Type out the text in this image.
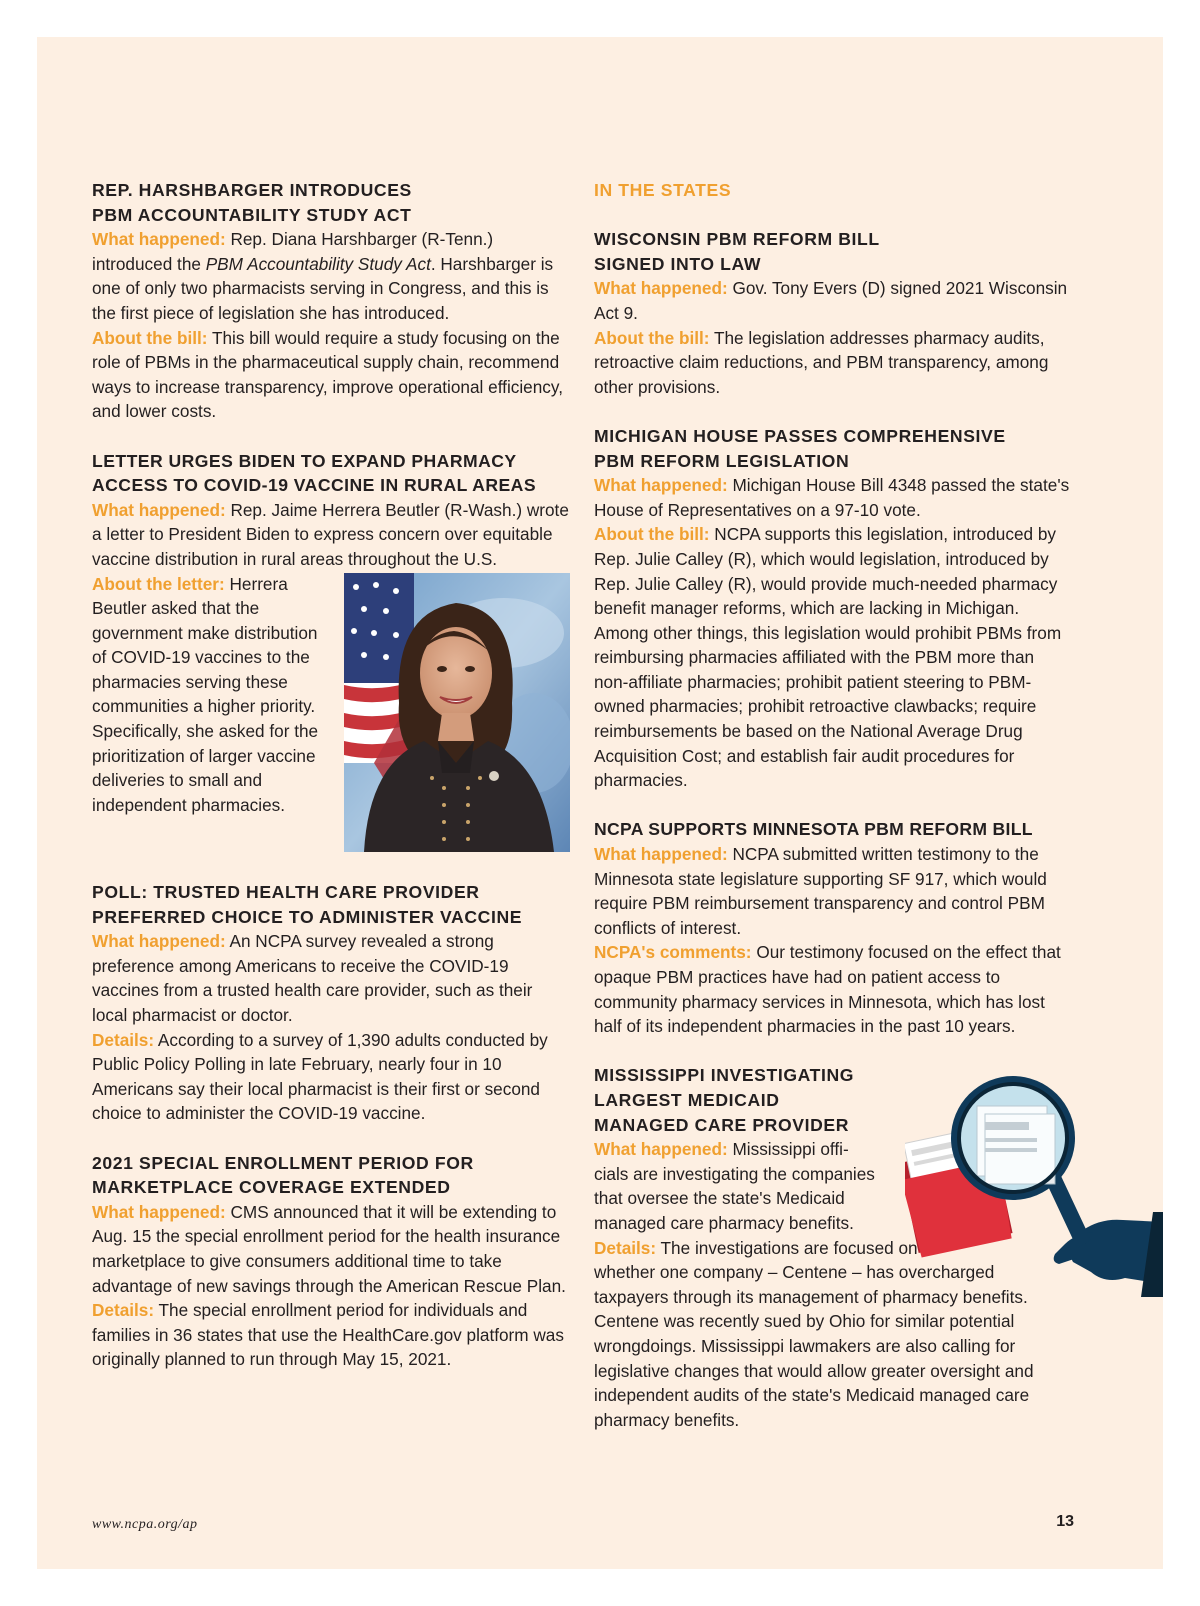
REP. HARSHBARGER INTRODUCES
PBM ACCOUNTABILITY STUDY ACT

What happened: Rep. Diana Harshbarger (R-Tenn.) introduced the PBM Accountability Study Act. Harshbarger is one of only two pharmacists serving in Congress, and this is the first piece of legislation she has introduced.

About the bill: This bill would require a study focusing on the role of PBMs in the pharmaceutical supply chain, recommend ways to increase transparency, improve operational efficiency, and lower costs.

LETTER URGES BIDEN TO EXPAND PHARMACY
ACCESS TO COVID-19 VACCINE IN RURAL AREAS

What happened: Rep. Jaime Herrera Beutler (R-Wash.) wrote a letter to President Biden to express concern over equitable vaccine distribution in rural areas throughout the U.S.

About the letter: Herrera Beutler asked that the government make distribution of COVID-19 vaccines to the pharmacies serving these communities a higher priority. Specifically, she asked for the prioritization of larger vaccine deliveries to small and independent pharmacies.

POLL: TRUSTED HEALTH CARE PROVIDER
PREFERRED CHOICE TO ADMINISTER VACCINE

What happened: An NCPA survey revealed a strong preference among Americans to receive the COVID-19 vaccines from a trusted health care provider, such as their local pharmacist or doctor.

Details: According to a survey of 1,390 adults conducted by Public Policy Polling in late February, nearly four in 10 Americans say their local pharmacist is their first or second choice to administer the COVID-19 vaccine.

2021 SPECIAL ENROLLMENT PERIOD FOR
MARKETPLACE COVERAGE EXTENDED

What happened: CMS announced that it will be extending to Aug. 15 the special enrollment period for the health insurance marketplace to give consumers additional time to take advantage of new savings through the American Rescue Plan.

Details: The special enrollment period for individuals and families in 36 states that use the HealthCare.gov platform was originally planned to run through May 15, 2021.

IN THE STATES
WISCONSIN PBM REFORM BILL
SIGNED INTO LAW

What happened: Gov. Tony Evers (D) signed 2021 Wisconsin Act 9.

About the bill: The legislation addresses pharmacy audits, retroactive claim reductions, and PBM transparency, among other provisions.

MICHIGAN HOUSE PASSES COMPREHENSIVE
PBM REFORM LEGISLATION

What happened: Michigan House Bill 4348 passed the state's House of Representatives on a 97-10 vote.

About the bill: NCPA supports this legislation, introduced by Rep. Julie Calley (R), which would legislation, introduced by Rep. Julie Calley (R), would provide much-needed pharmacy benefit manager reforms, which are lacking in Michigan. Among other things, this legislation would prohibit PBMs from reimbursing pharmacies affiliated with the PBM more than non-affiliate pharmacies; prohibit patient steering to PBM-owned pharmacies; prohibit retroactive clawbacks; require reimbursements be based on the National Average Drug Acquisition Cost; and establish fair audit procedures for pharmacies.

NCPA SUPPORTS MINNESOTA PBM REFORM BILL

What happened: NCPA submitted written testimony to the Minnesota state legislature supporting SF 917, which would require PBM reimbursement transparency and control PBM conflicts of interest.

NCPA's comments: Our testimony focused on the effect that opaque PBM practices have had on patient access to community pharmacy services in Minnesota, which has lost half of its independent pharmacies in the past 10 years.

MISSISSIPPI INVESTIGATING
LARGEST MEDICAID
MANAGED CARE PROVIDER
What happened: Mississippi offi-
cials are investigating the companies
that oversee the state's Medicaid
managed care pharmacy benefits.
Details: The investigations are focused on
whether one company – Centene – has overcharged taxpayers through its management of pharmacy benefits. Centene was recently sued by Ohio for similar potential wrongdoings. Mississippi lawmakers are also calling for legislative changes that would allow greater oversight and independent audits of the state's Medicaid managed care pharmacy benefits.
www.ncpa.org/ap	13
